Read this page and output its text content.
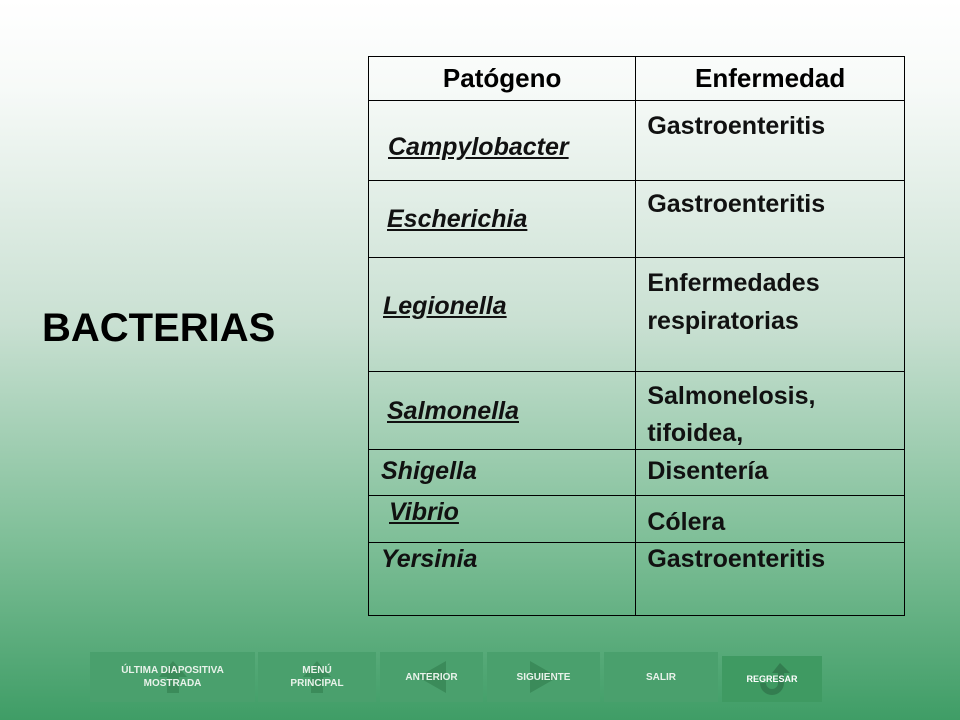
BACTERIAS
Patógeno	Enfermedad

Campylobacter	Gastroenteritis

Escherichia	Gastroenteritis

Legionella	Enfermedades
respiratorias

Salmonella	Salmonelosis,
tifoidea,

Shigella	Disentería

Vibrio	Cólera

Yersinia	Gastroenteritis
ÚLTIMA DIAPOSITIVA
MOSTRADA
MENÚ
PRINCIPAL
ANTERIOR	SIGUIENTE	SALIR	REGRESAR
